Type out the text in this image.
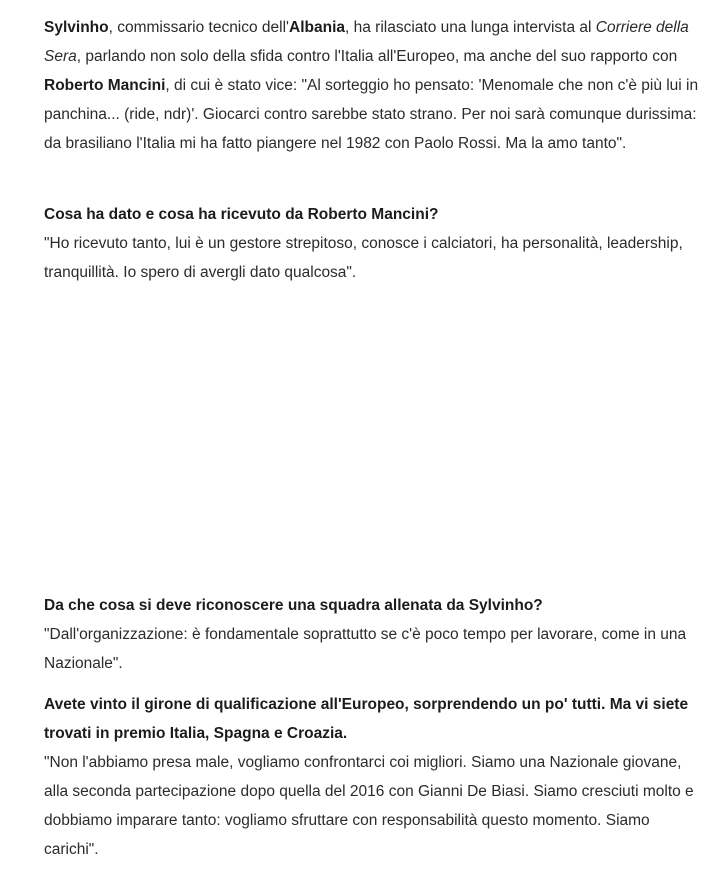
Sylvinho, commissario tecnico dell'Albania, ha rilasciato una lunga intervista al Corriere della Sera, parlando non solo della sfida contro l'Italia all'Europeo, ma anche del suo rapporto con Roberto Mancini, di cui è stato vice: "Al sorteggio ho pensato: 'Menomale che non c'è più lui in panchina... (ride, ndr)'. Giocarci contro sarebbe stato strano. Per noi sarà comunque durissima: da brasiliano l'Italia mi ha fatto piangere nel 1982 con Paolo Rossi. Ma la amo tanto".

Cosa ha dato e cosa ha ricevuto da Roberto Mancini?
"Ho ricevuto tanto, lui è un gestore strepitoso, conosce i calciatori, ha personalità, leadership, tranquillità. Io spero di avergli dato qualcosa".
Da che cosa si deve riconoscere una squadra allenata da Sylvinho?
"Dall'organizzazione: è fondamentale soprattutto se c'è poco tempo per lavorare, come in una Nazionale".
Avete vinto il girone di qualificazione all'Europeo, sorprendendo un po' tutti. Ma vi siete trovati in premio Italia, Spagna e Croazia.
"Non l'abbiamo presa male, vogliamo confrontarci coi migliori. Siamo una Nazionale giovane, alla seconda partecipazione dopo quella del 2016 con Gianni De Biasi. Siamo cresciuti molto e dobbiamo imparare tanto: vogliamo sfruttare con responsabilità questo momento. Siamo carichi".
